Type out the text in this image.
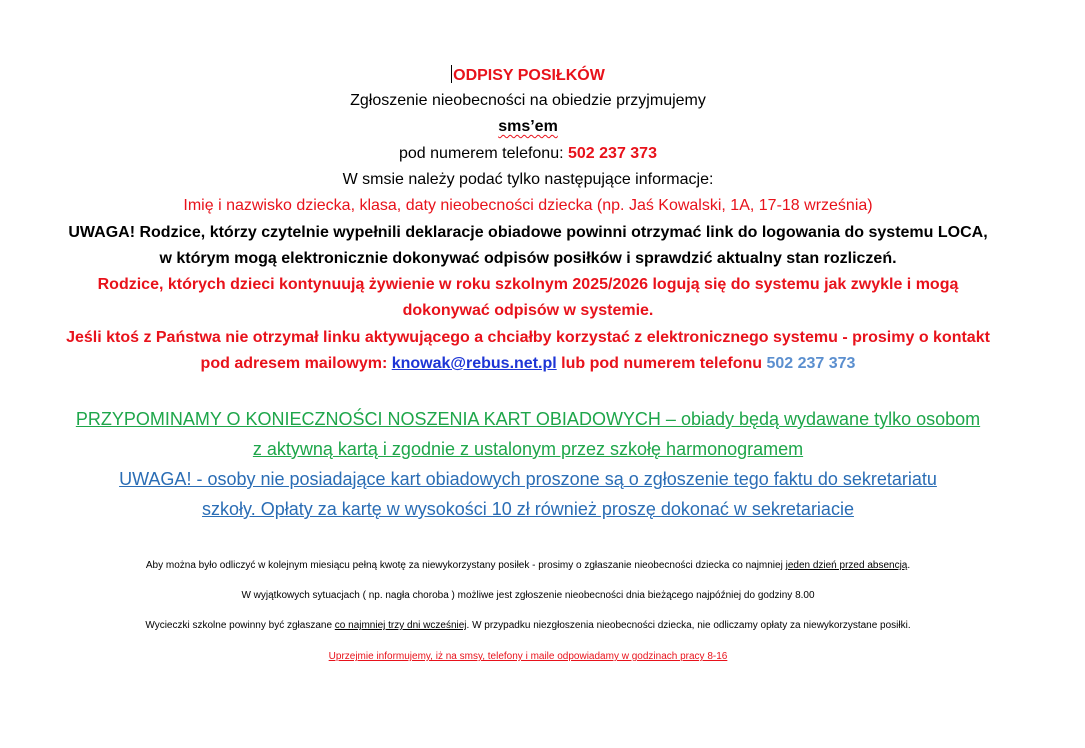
ODPISY POSIŁKÓW
Zgłoszenie nieobecności na obiedzie przyjmujemy
sms’em
pod numerem telefonu: 502 237 373
W smsie należy podać tylko następujące informacje:
Imię i nazwisko dziecka, klasa, daty nieobecności dziecka (np. Jaś Kowalski, 1A, 17-18 września)
UWAGA! Rodzice, którzy czytelnie wypełnili deklaracje obiadowe powinni otrzymać link do logowania do systemu LOCA,
w którym mogą elektronicznie dokonywać odpisów posiłków i sprawdzić aktualny stan rozliczeń.
Rodzice, których dzieci kontynuują żywienie w roku szkolnym 2025/2026 logują się do systemu jak zwykle i mogą
dokonywać odpisów w systemie.
Jeśli ktoś z Państwa nie otrzymał linku aktywującego a chciałby korzystać z elektronicznego systemu - prosimy o kontakt
pod adresem mailowym: knowak@rebus.net.pl lub pod numerem telefonu 502 237 373
PRZYPOMINAMY O KONIECZNOŚCI NOSZENIA KART OBIADOWYCH – obiady będą wydawane tylko osobom
z aktywną kartą i zgodnie z ustalonym przez szkołę harmonogramem
UWAGA! - osoby nie posiadające kart obiadowych proszone są o zgłoszenie tego faktu do sekretariatu
szkoły. Opłaty za kartę w wysokości 10 zł również proszę dokonać w sekretariacie
Aby można było odliczyć w kolejnym miesiącu pełną kwotę za niewykorzystany posiłek - prosimy o zgłaszanie nieobecności dziecka co najmniej jeden dzień przed absencją.
W wyjątkowych sytuacjach ( np. nagła choroba ) możliwe jest zgłoszenie nieobecności dnia bieżącego najpóźniej do godziny 8.00
Wycieczki szkolne powinny być zgłaszane co najmniej trzy dni wcześniej. W przypadku niezgłoszenia nieobecności dziecka, nie odliczamy opłaty za niewykorzystane posiłki.
Uprzejmie informujemy, iż na smsy, telefony i maile odpowiadamy w godzinach pracy 8-16
